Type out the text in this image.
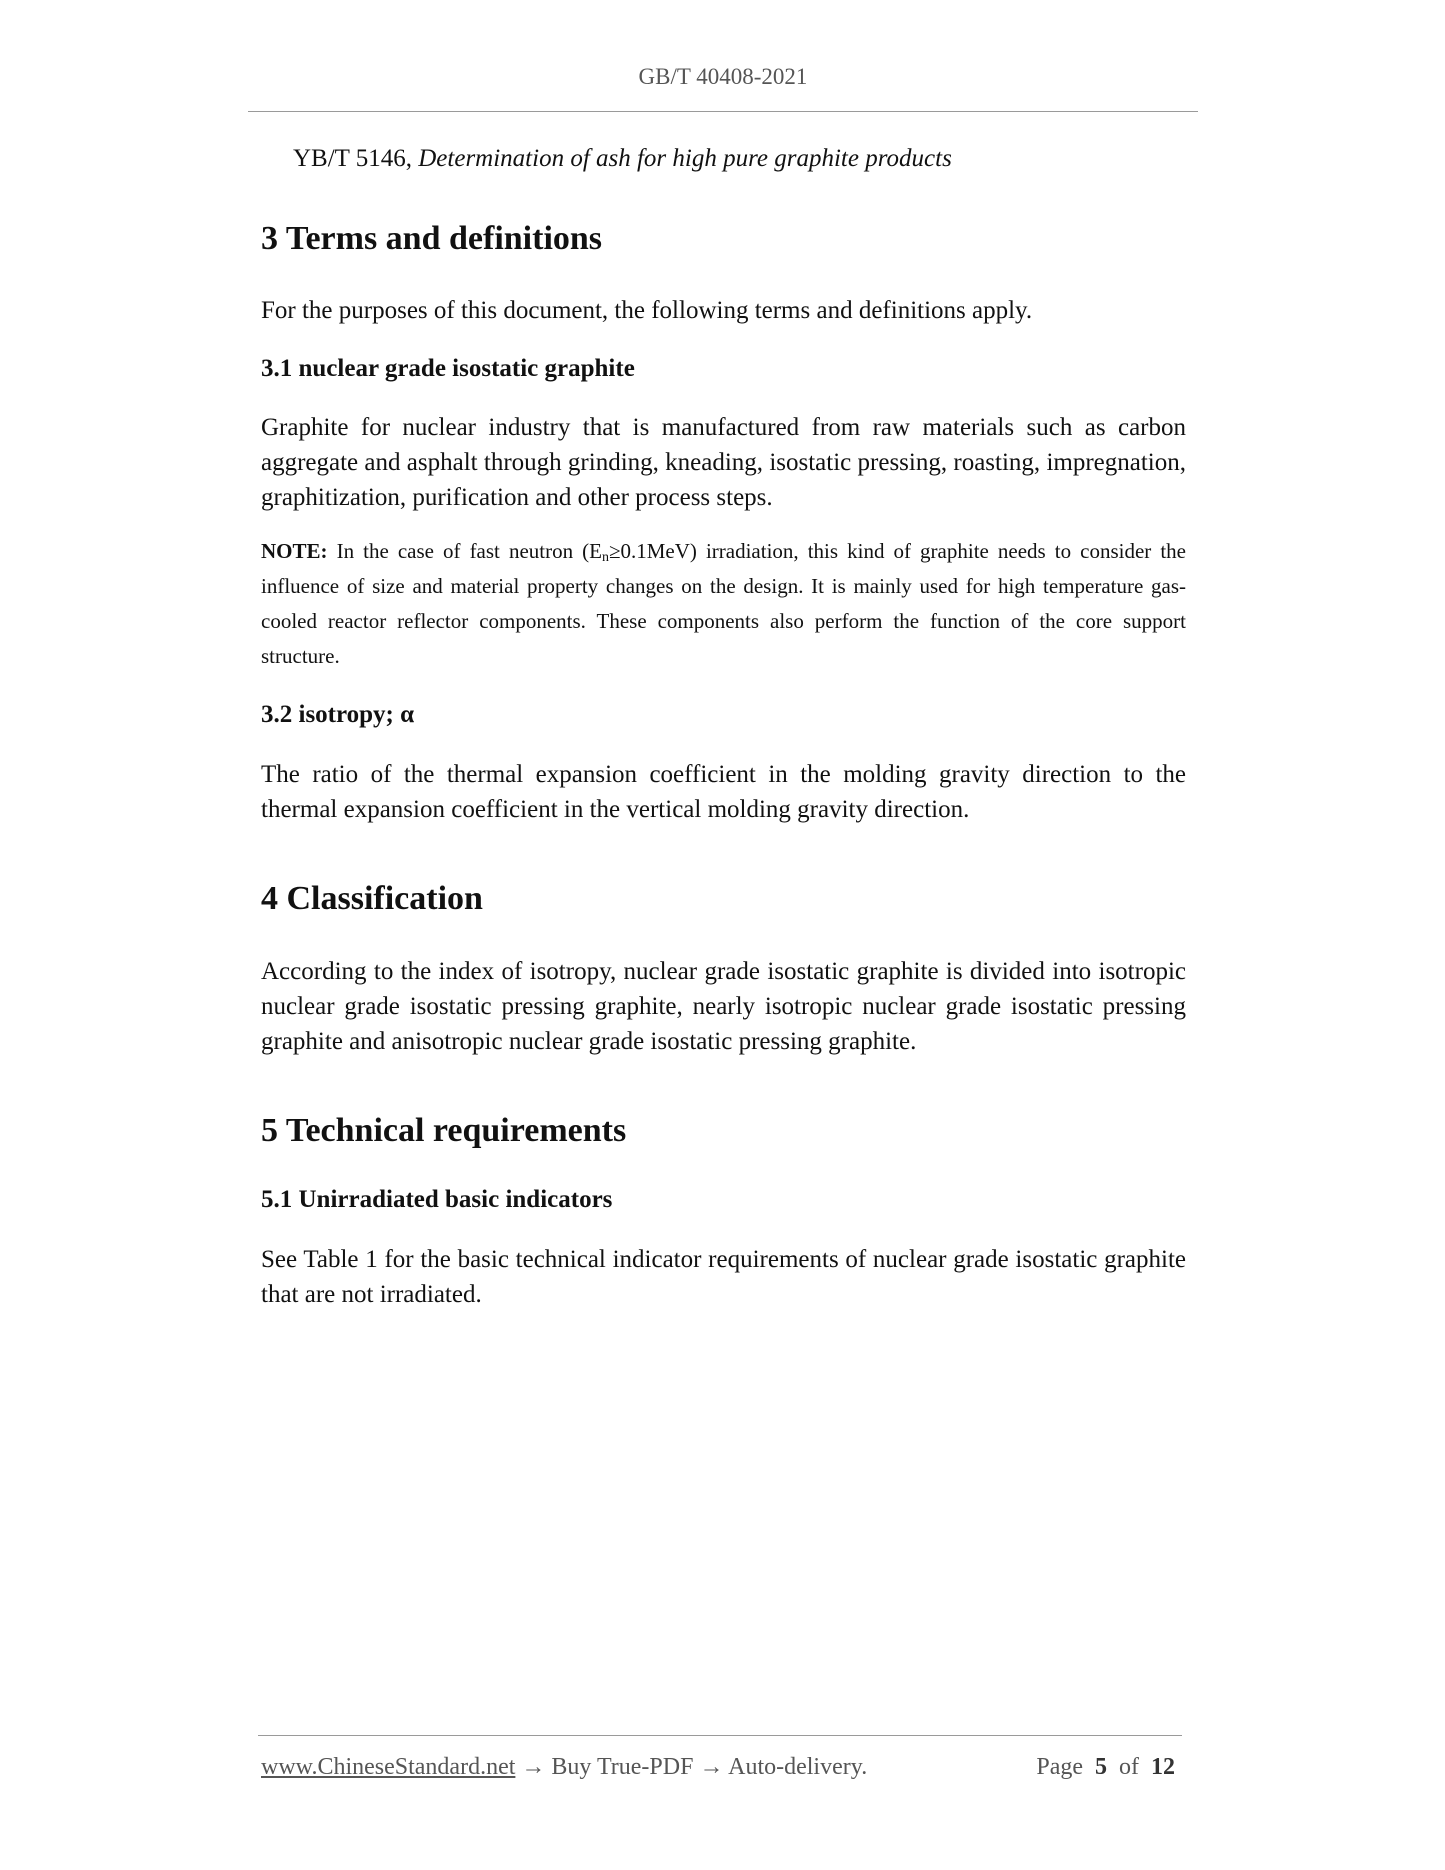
GB/T 40408-2021

YB/T 5146, Determination of ash for high pure graphite products

3 Terms and definitions

For the purposes of this document, the following terms and definitions apply.

3.1 nuclear grade isostatic graphite

Graphite for nuclear industry that is manufactured from raw materials such as carbon aggregate and asphalt through grinding, kneading, isostatic pressing, roasting, impregnation, graphitization, purification and other process steps.

NOTE: In the case of fast neutron $(E_n\ge 0.1MeV)$ irradiation, this kind of graphite needs to consider the influence of size and material property changes on the design. It is mainly used for high temperature gas-cooled reactor reflector components. These components also perform the function of the core support structure.

3.2 isotropy; α

The ratio of the thermal expansion coefficient in the molding gravity direction to the thermal expansion coefficient in the vertical molding gravity direction.

4 Classification

According to the index of isotropy, nuclear grade isostatic graphite is divided into isotropic nuclear grade isostatic pressing graphite, nearly isotropic nuclear grade isostatic pressing graphite and anisotropic nuclear grade isostatic pressing graphite.

5 Technical requirements
5.1 Unirradiated basic indicators

See Table 1 for the basic technical indicator requirements of nuclear grade isostatic graphite that are not irradiated.

www.ChineseStandard.net → Buy True-PDF → Auto-delivery.	Page 5 of 12
